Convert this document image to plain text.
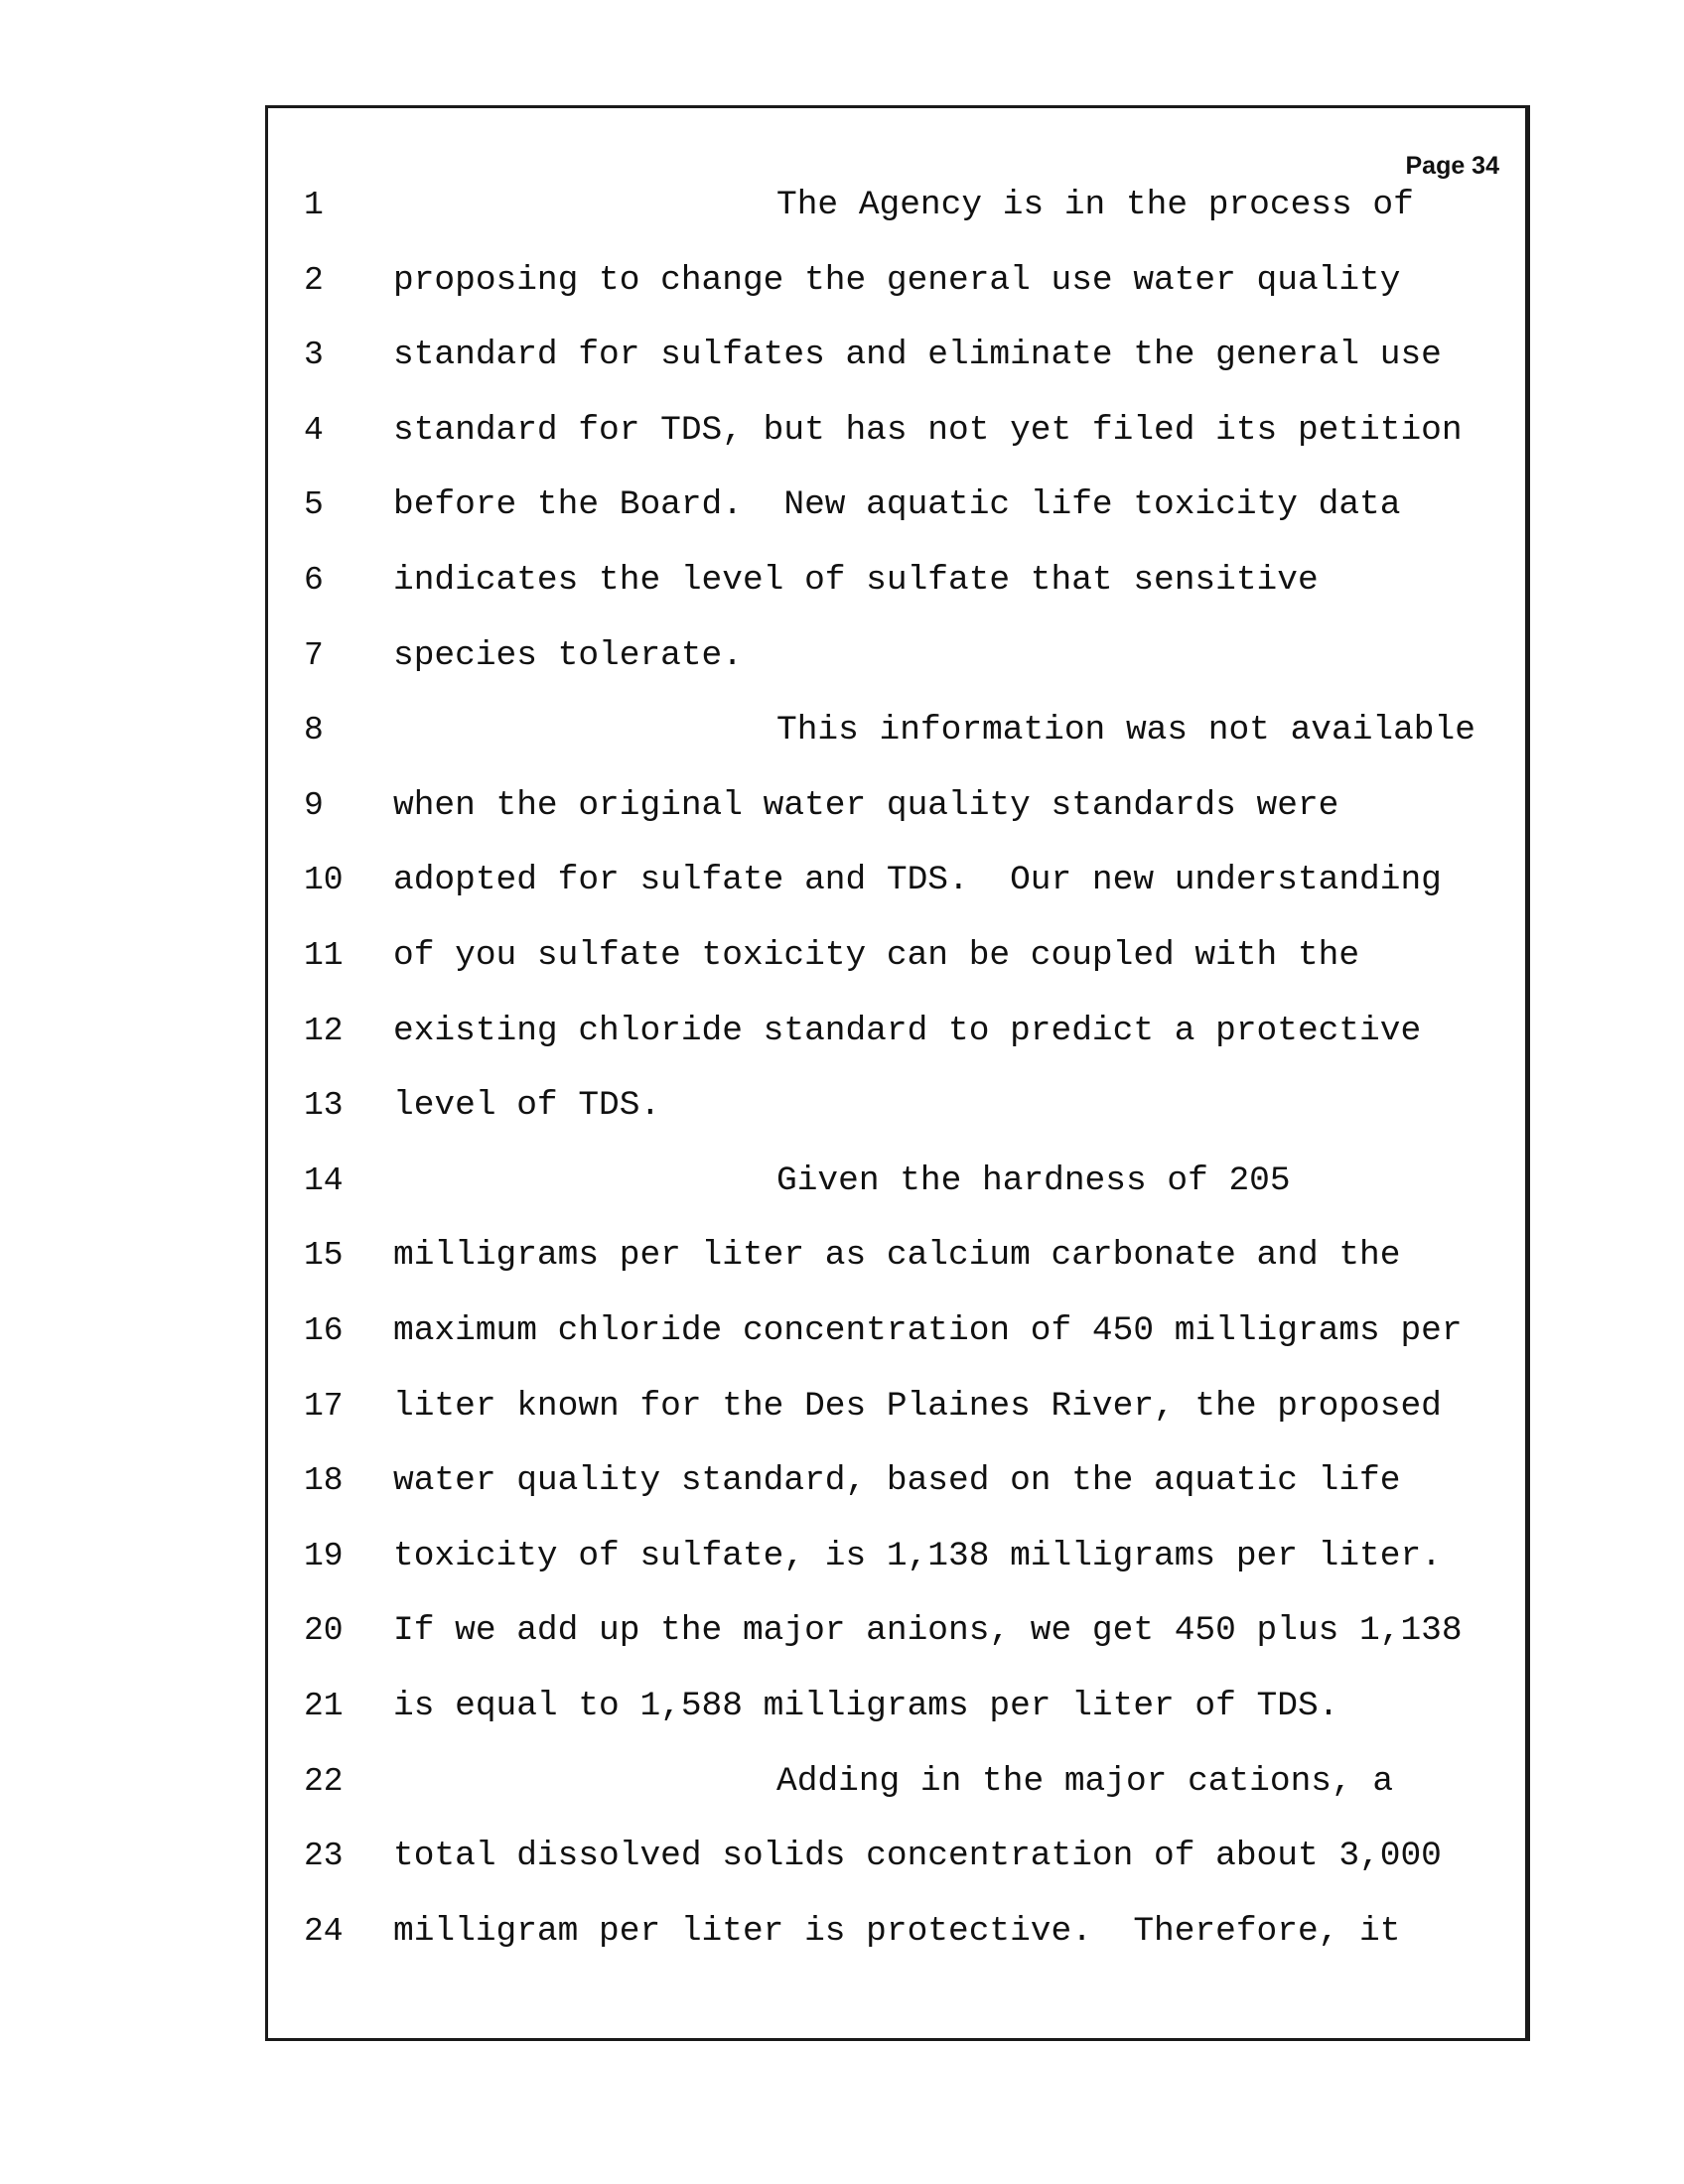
Page 34
1	The Agency is in the process of
2	proposing to change the general use water quality
3	standard for sulfates and eliminate the general use
4	standard for TDS, but has not yet filed its petition
5	before the Board.  New aquatic life toxicity data
6	indicates the level of sulfate that sensitive
7	species tolerate.
8	This information was not available
9	when the original water quality standards were
10 adopted for sulfate and TDS.  Our new understanding
11 of you sulfate toxicity can be coupled with the
12 existing chloride standard to predict a protective
13 level of TDS.
14	Given the hardness of 205
15 milligrams per liter as calcium carbonate and the
16 maximum chloride concentration of 450 milligrams per
17 liter known for the Des Plaines River, the proposed
18 water quality standard, based on the aquatic life
19 toxicity of sulfate, is 1,138 milligrams per liter.
20 If we add up the major anions, we get 450 plus 1,138
21 is equal to 1,588 milligrams per liter of TDS.
22	Adding in the major cations, a
23 total dissolved solids concentration of about 3,000
24 milligram per liter is protective.  Therefore, it
